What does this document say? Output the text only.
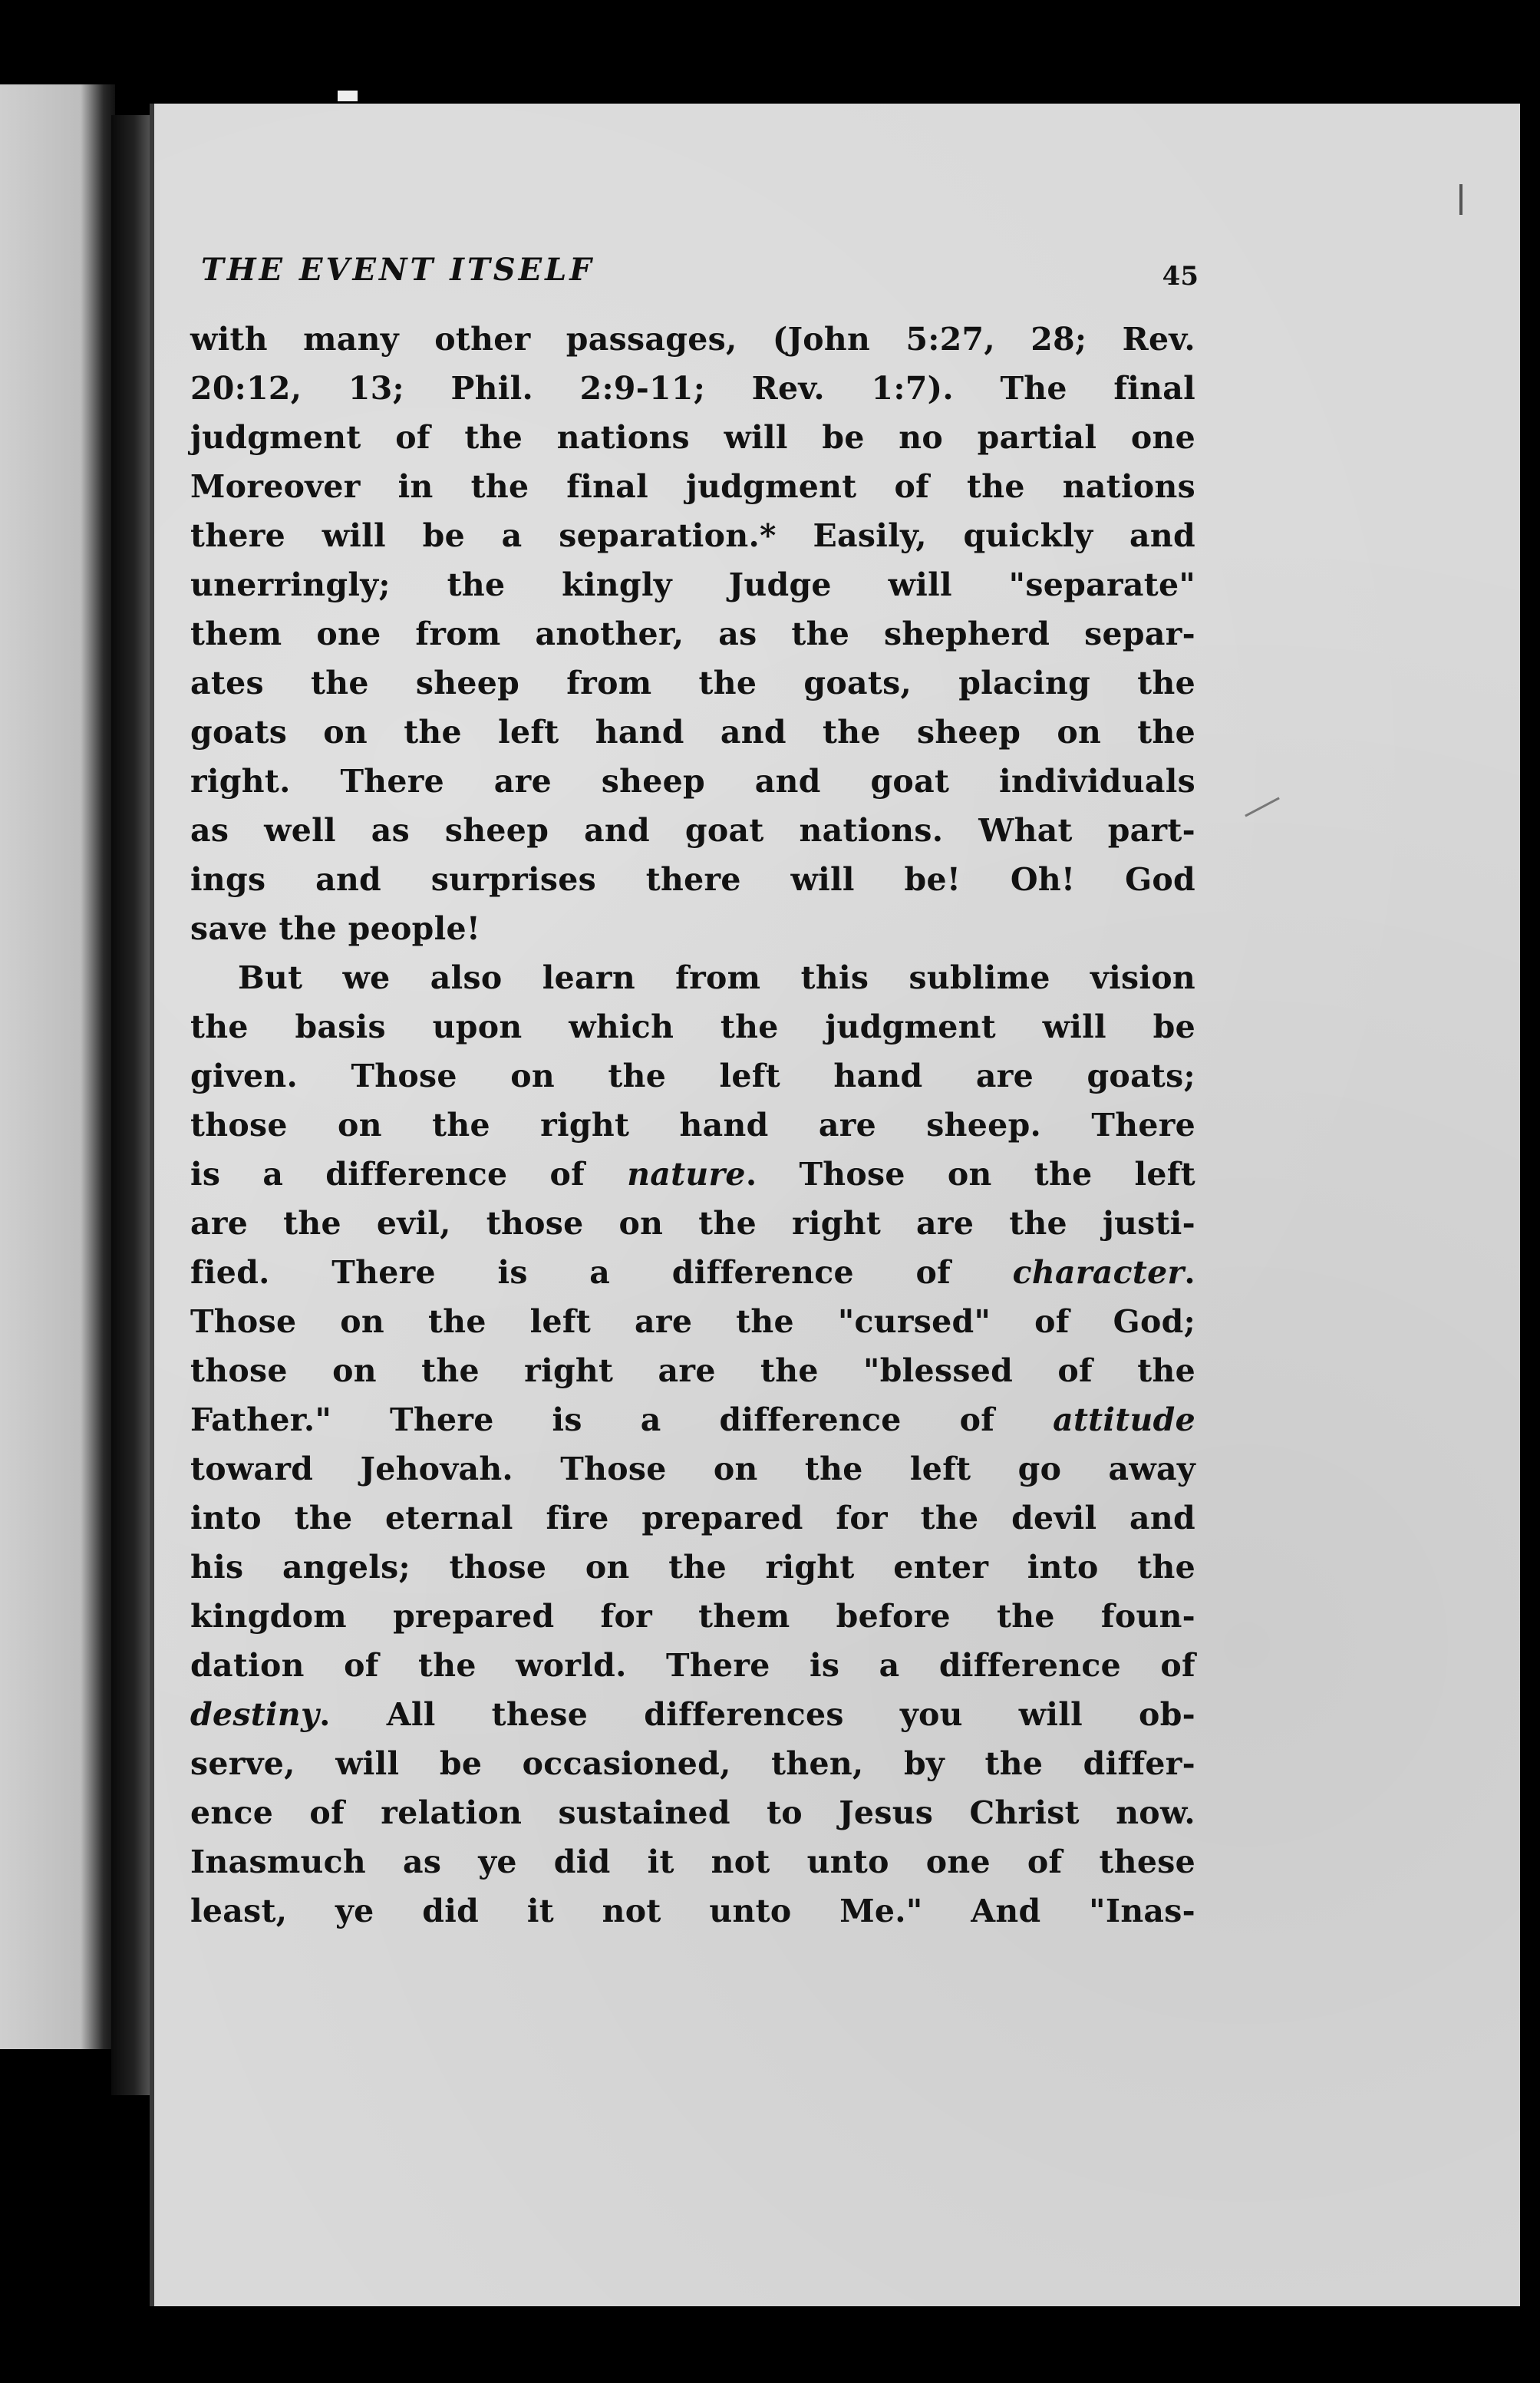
THE EVENT ITSELF	45
with many other passages, (John 5:27, 28; Rev.
20:12, 13; Phil. 2:9-11; Rev. 1:7). The final
judgment of the nations will be no partial one
Moreover in the final judgment of the nations
there will be a separation.* Easily, quickly and
unerringly; the kingly Judge will "separate"
them one from another, as the shepherd separ-
ates the sheep from the goats, placing the
goats on the left hand and the sheep on the
right. There are sheep and goat individuals
as well as sheep and goat nations. What part-
ings and surprises there will be! Oh! God
save the people!
But we also learn from this sublime vision
the basis upon which the judgment will be
given. Those on the left hand are goats;
those on the right hand are sheep. There
is a difference of nature. Those on the left
are the evil, those on the right are the justi-
fied. There is a difference of character.
Those on the left are the "cursed" of God;
those on the right are the "blessed of the
Father." There is a difference of attitude
toward Jehovah. Those on the left go away
into the eternal fire prepared for the devil and
his angels; those on the right enter into the
kingdom prepared for them before the foun-
dation of the world. There is a difference of
destiny. All these differences you will ob-
serve, will be occasioned, then, by the differ-
ence of relation sustained to Jesus Christ now.
Inasmuch as ye did it not unto one of these
least, ye did it not unto Me." And "Inas-
